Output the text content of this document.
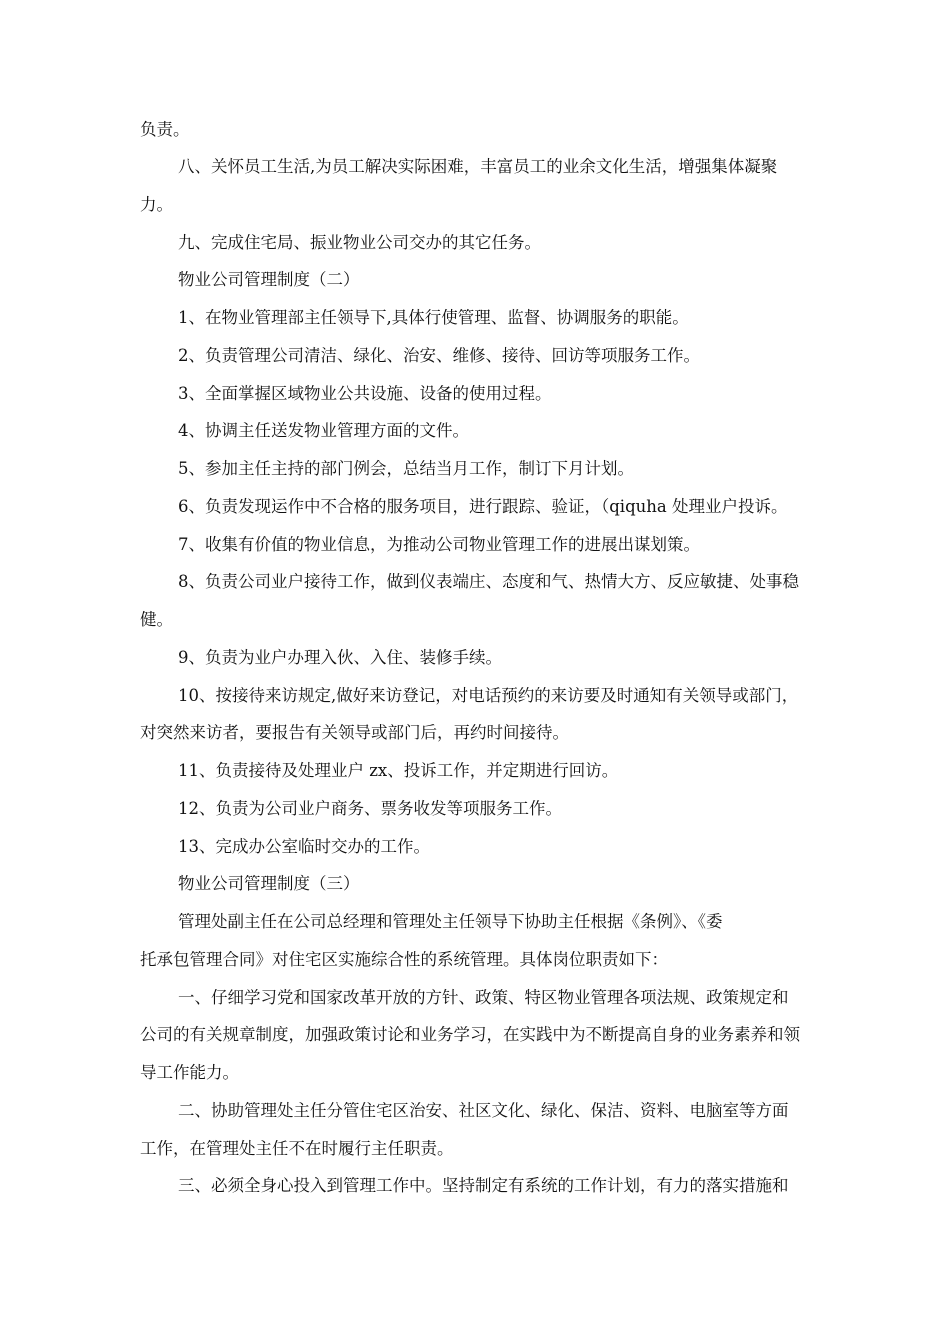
负责。
八、关怀员工生活,为员工解决实际困难，丰富员工的业余文化生活，增强集体凝聚
力。
九、完成住宅局、振业物业公司交办的其它任务。
物业公司管理制度（二）
1、在物业管理部主任领导下,具体行使管理、监督、协调服务的职能。
2、负责管理公司清洁、绿化、治安、维修、接待、回访等项服务工作。
3、全面掌握区域物业公共设施、设备的使用过程。
4、协调主任送发物业管理方面的文件。
5、参加主任主持的部门例会，总结当月工作，制订下月计划。
6、负责发现运作中不合格的服务项目，进行跟踪、验证，（qiquha 处理业户投诉。
7、收集有价值的物业信息，为推动公司物业管理工作的进展出谋划策。
8、负责公司业户接待工作，做到仪表端庄、态度和气、热情大方、反应敏捷、处事稳
健。
9、负责为业户办理入伙、入住、装修手续。
10、按接待来访规定,做好来访登记，对电话预约的来访要及时通知有关领导或部门，
对突然来访者，要报告有关领导或部门后，再约时间接待。
11、负责接待及处理业户 zx、投诉工作，并定期进行回访。
12、负责为公司业户商务、票务收发等项服务工作。
13、完成办公室临时交办的工作。
物业公司管理制度（三）
管理处副主任在公司总经理和管理处主任领导下协助主任根据《条例》、《委
托承包管理合同》对住宅区实施综合性的系统管理。具体岗位职责如下：
一、仔细学习党和国家改革开放的方针、政策、特区物业管理各项法规、政策规定和
公司的有关规章制度，加强政策讨论和业务学习，在实践中为不断提高自身的业务素养和领
导工作能力。
二、协助管理处主任分管住宅区治安、社区文化、绿化、保洁、资料、电脑室等方面
工作，在管理处主任不在时履行主任职责。
三、必须全身心投入到管理工作中。坚持制定有系统的工作计划，有力的落实措施和
